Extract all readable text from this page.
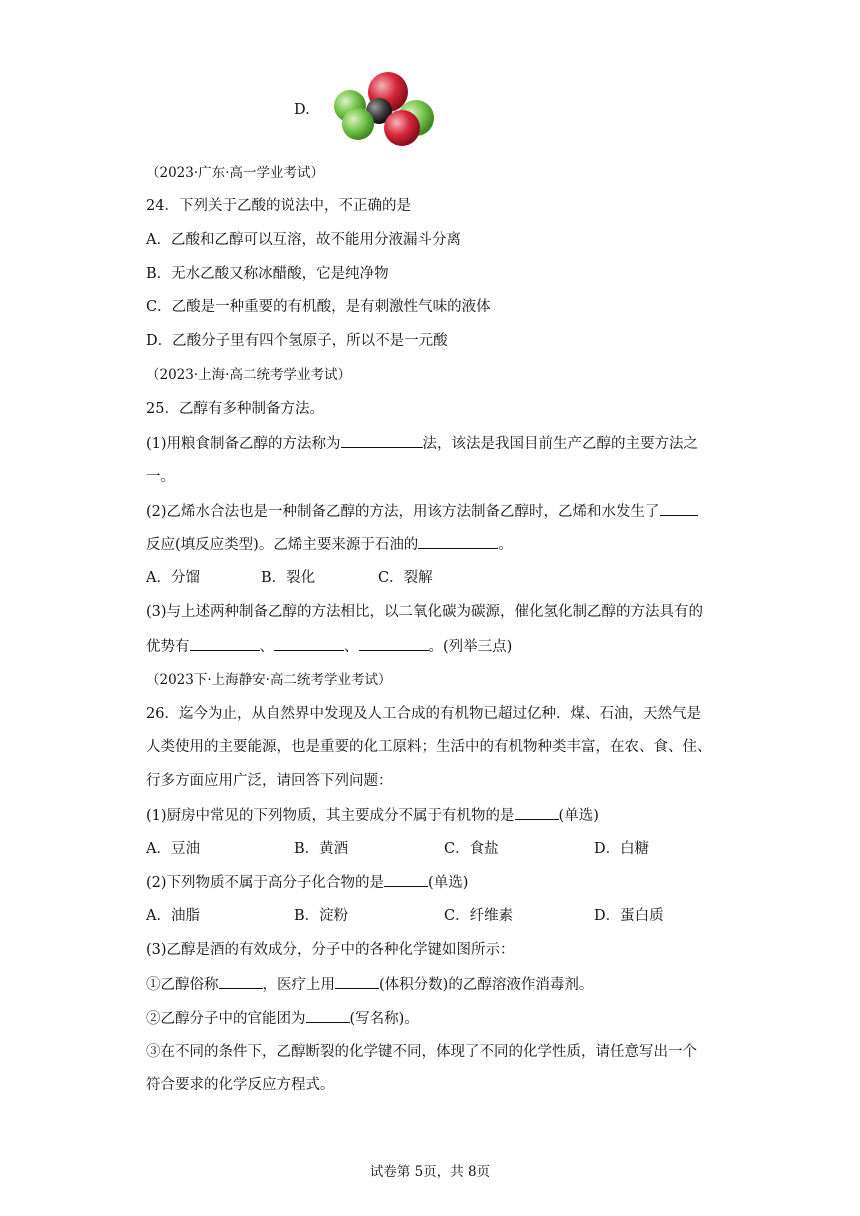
D.
（2023·广东·高一学业考试）
24．下列关于乙酸的说法中，不正确的是
A．乙酸和乙醇可以互溶，故不能用分液漏斗分离
B．无水乙酸又称冰醋酸，它是纯净物
C．乙酸是一种重要的有机酸，是有刺激性气味的液体
D．乙酸分子里有四个氢原子，所以不是一元酸
（2023·上海·高二统考学业考试）
25．乙醇有多种制备方法。
(1)用粮食制备乙醇的方法称为	法，该法是我国目前生产乙醇的主要方法之
一。
(2)乙烯水合法也是一种制备乙醇的方法，用该方法制备乙醇时，乙烯和水发生了
反应(填反应类型)。乙烯主要来源于石油的	。
A．分馏	B．裂化	C．裂解
(3)与上述两种制备乙醇的方法相比，以二氧化碳为碳源，催化氢化制乙醇的方法具有的
优势有	、	、	。(列举三点)
（2023下·上海静安·高二统考学业考试）
26．迄今为止，从自然界中发现及人工合成的有机物已超过亿种．煤、石油，天然气是
人类使用的主要能源，也是重要的化工原料；生活中的有机物种类丰富，在农、食、住、
行多方面应用广泛，请回答下列问题：
(1)厨房中常见的下列物质，其主要成分不属于有机物的是	(单选)
A．豆油	B．黄酒	C．食盐	D．白糖
(2)下列物质不属于高分子化合物的是	(单选)
A．油脂	B．淀粉	C．纤维素	D．蛋白质
(3)乙醇是酒的有效成分，分子中的各种化学键如图所示：
①乙醇俗称	，医疗上用	(体积分数)的乙醇溶液作消毒剂。
②乙醇分子中的官能团为	(写名称)。
③在不同的条件下，乙醇断裂的化学键不同，体现了不同的化学性质，请任意写出一个
符合要求的化学反应方程式。
试卷第 5页，共 8页
